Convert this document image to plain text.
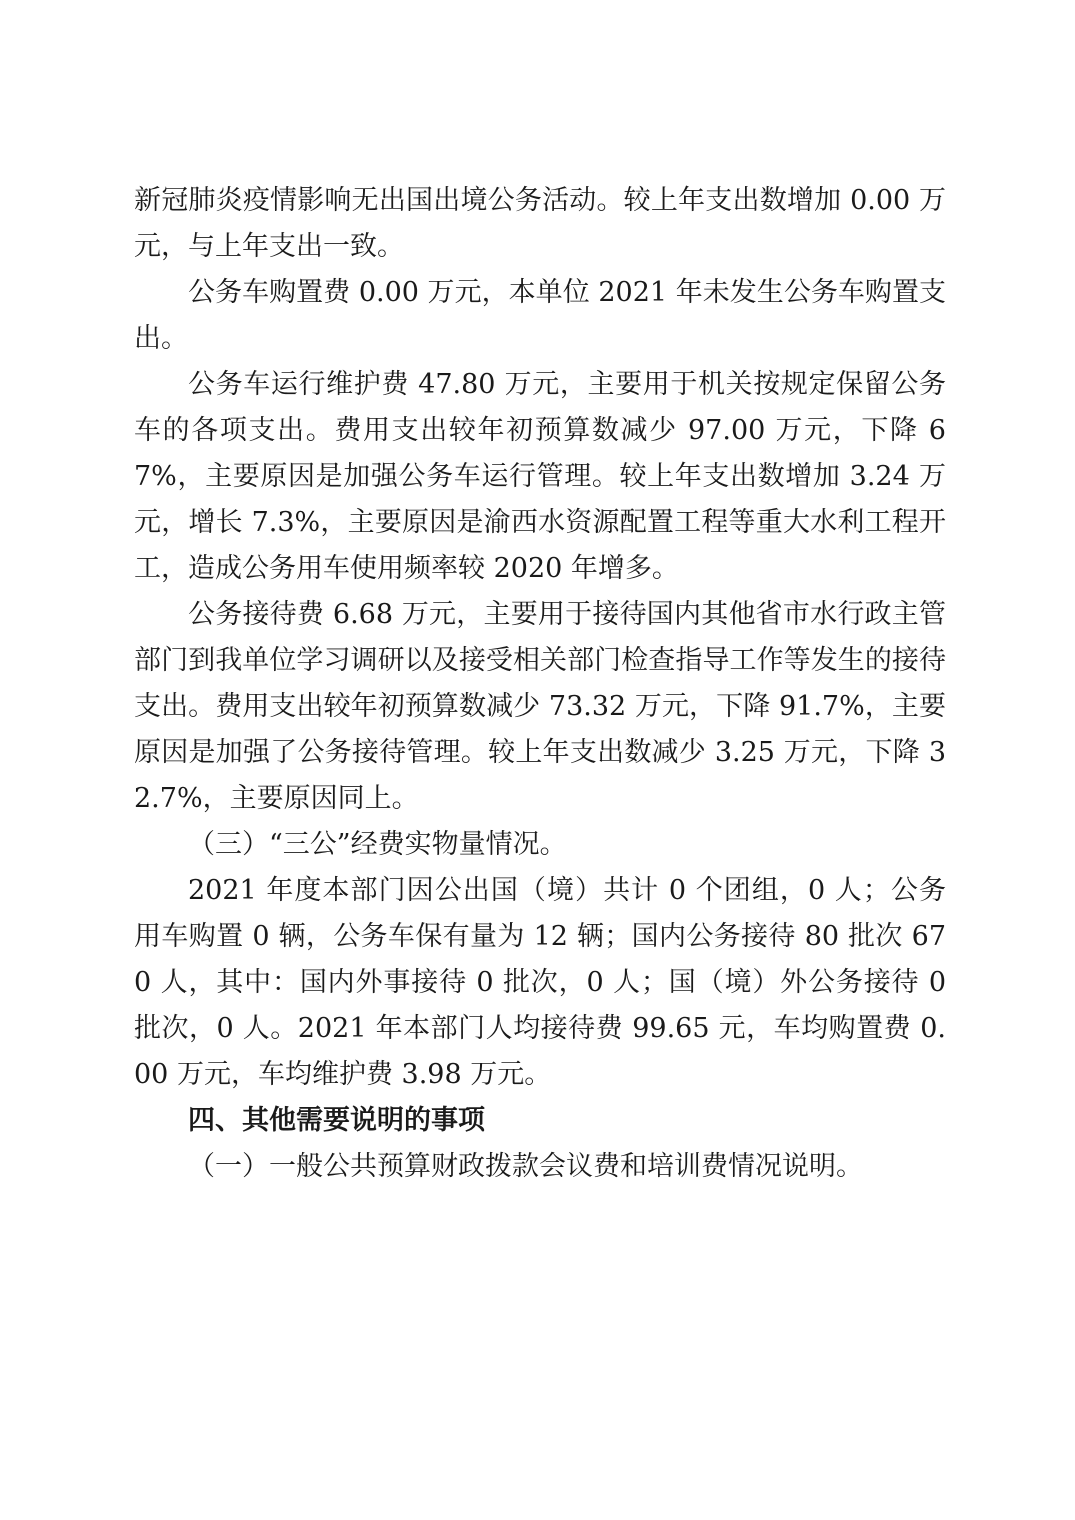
新冠肺炎疫情影响无出国出境公务活动。较上年支出数增加 0.00 万元，与上年支出一致。

公务车购置费 0.00 万元，本单位 2021 年未发生公务车购置支出。

公务车运行维护费 47.80 万元，主要用于机关按规定保留公务车的各项支出。费用支出较年初预算数减少 97.00 万元，下降 67%，主要原因是加强公务车运行管理。较上年支出数增加 3.24 万元，增长 7.3%，主要原因是渝西水资源配置工程等重大水利工程开工，造成公务用车使用频率较 2020 年增多。

公务接待费 6.68 万元，主要用于接待国内其他省市水行政主管部门到我单位学习调研以及接受相关部门检查指导工作等发生的接待支出。费用支出较年初预算数减少 73.32 万元，下降 91.7%，主要原因是加强了公务接待管理。较上年支出数减少 3.25 万元，下降 32.7%，主要原因同上。

（三）“三公”经费实物量情况。

2021 年度本部门因公出国（境）共计 0 个团组，0 人；公务用车购置 0 辆，公务车保有量为 12 辆；国内公务接待 80 批次 670 人，其中：国内外事接待 0 批次，0 人；国（境）外公务接待 0 批次，0 人。2021 年本部门人均接待费 99.65 元，车均购置费 0.00 万元，车均维护费 3.98 万元。

四、其他需要说明的事项

（一）一般公共预算财政拨款会议费和培训费情况说明。
